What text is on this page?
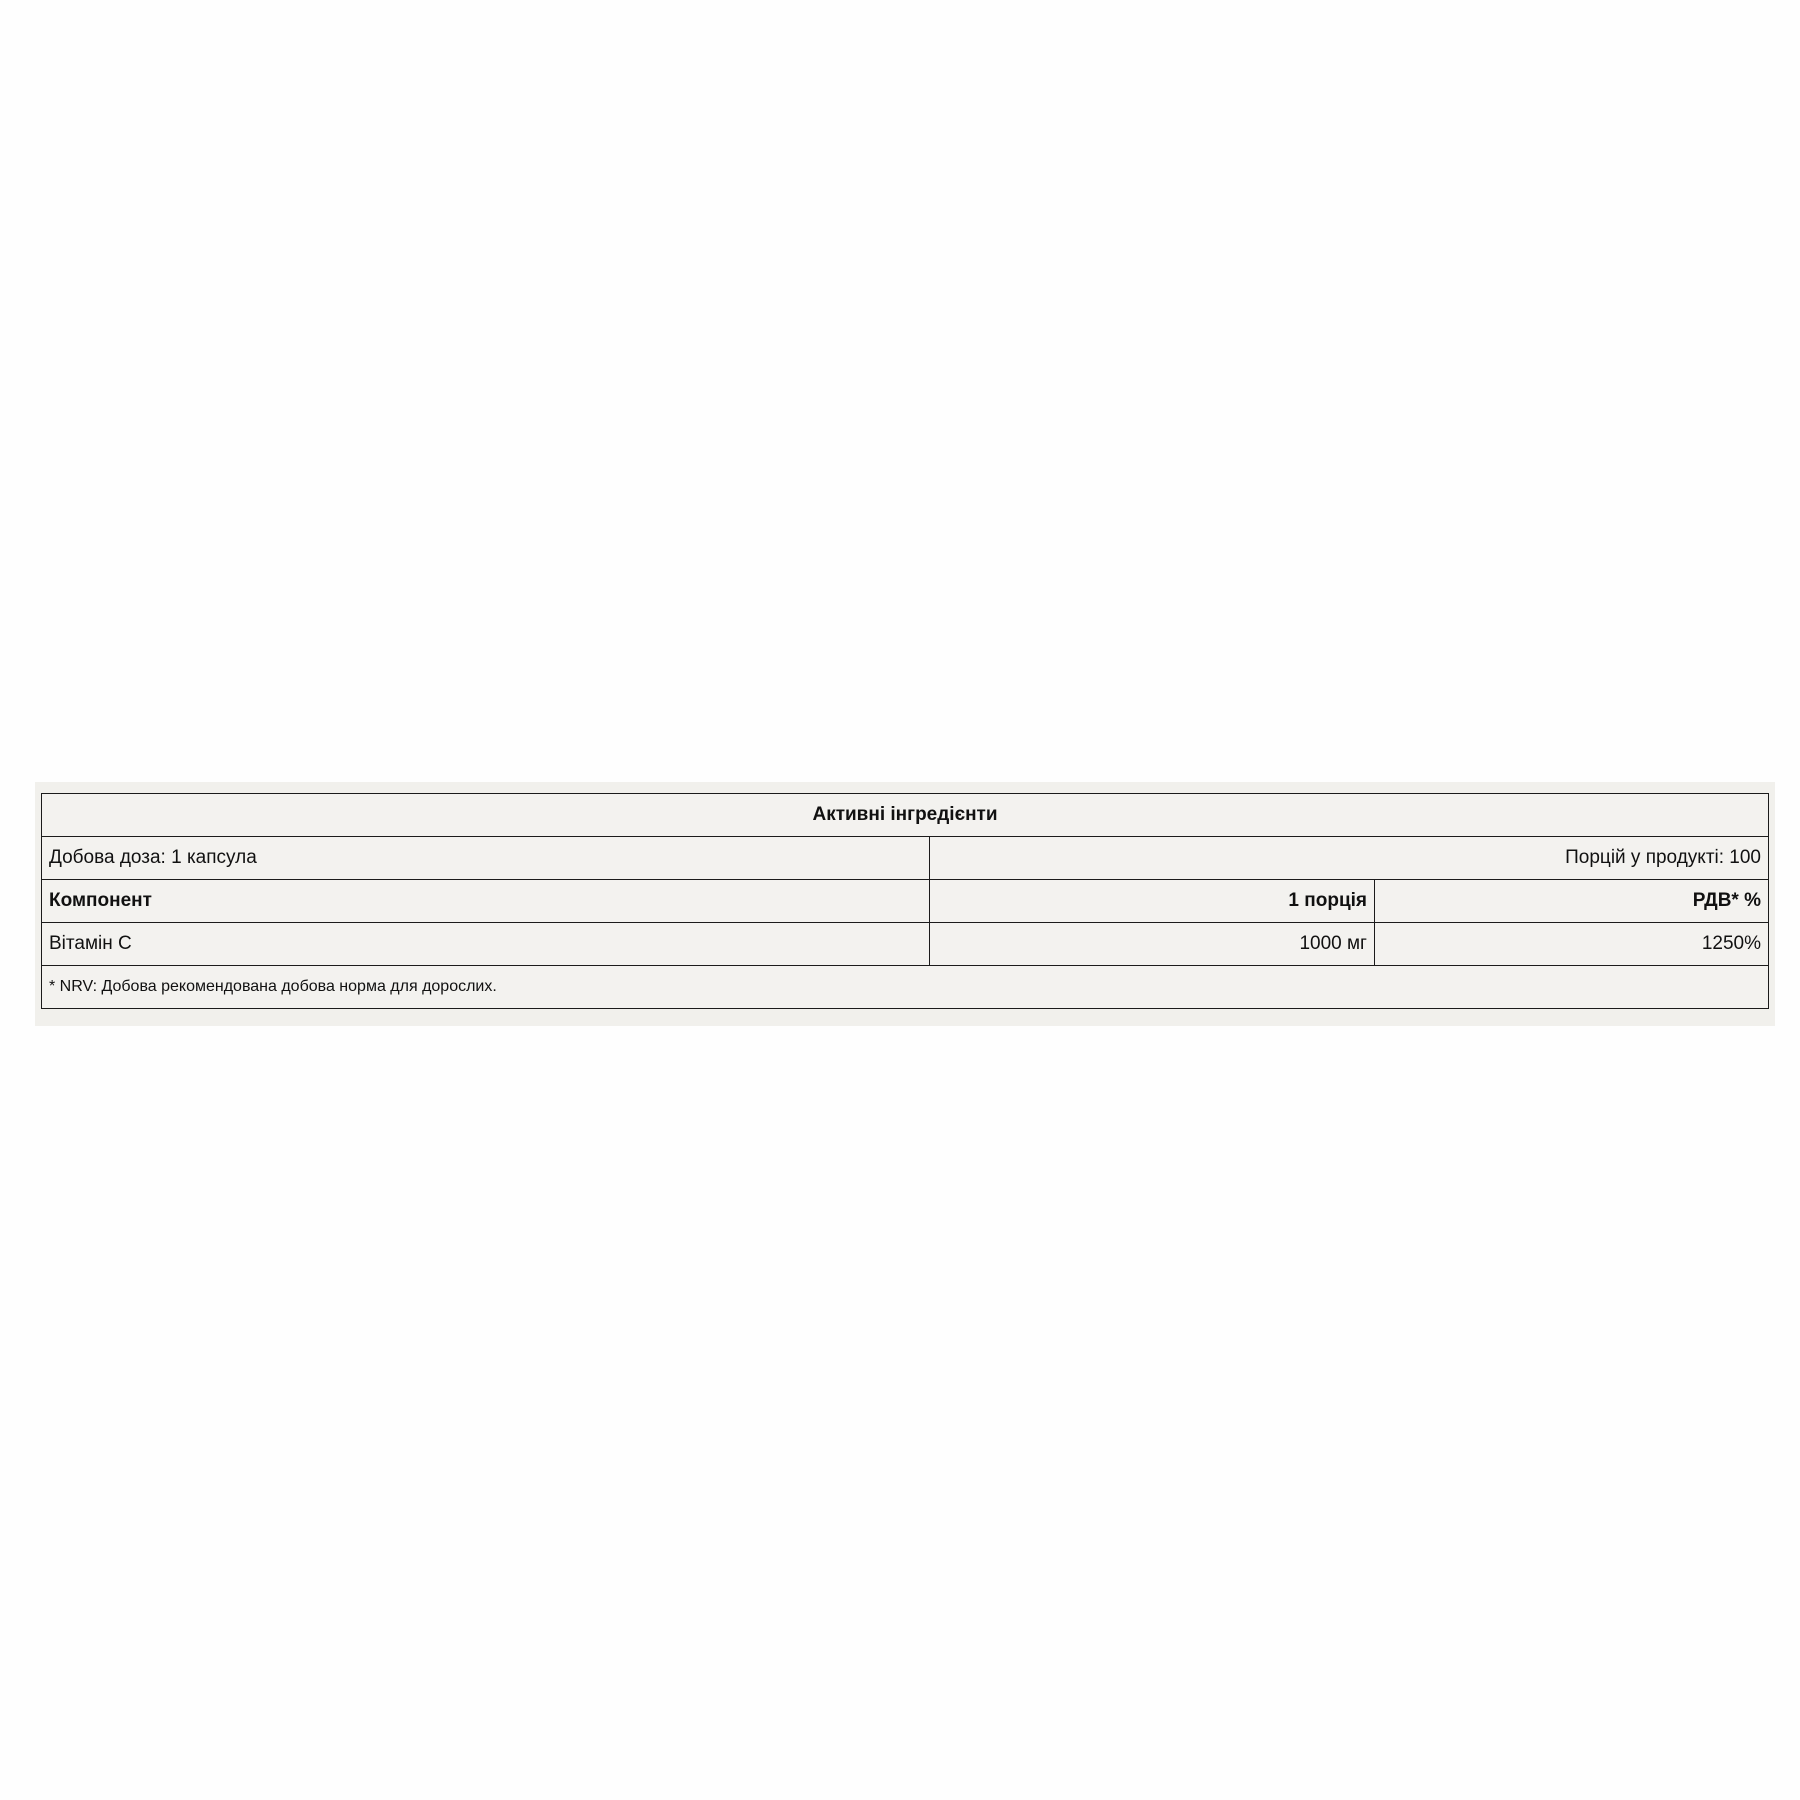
Активні інгредієнти		
Добова доза: 1 капсула	Порцій у продукті: 100	
Компонент	1 порція	РДВ* %
Вітамін С	1000 мг	1250%
* NRV: Добова рекомендована добова норма для дорослих.		
